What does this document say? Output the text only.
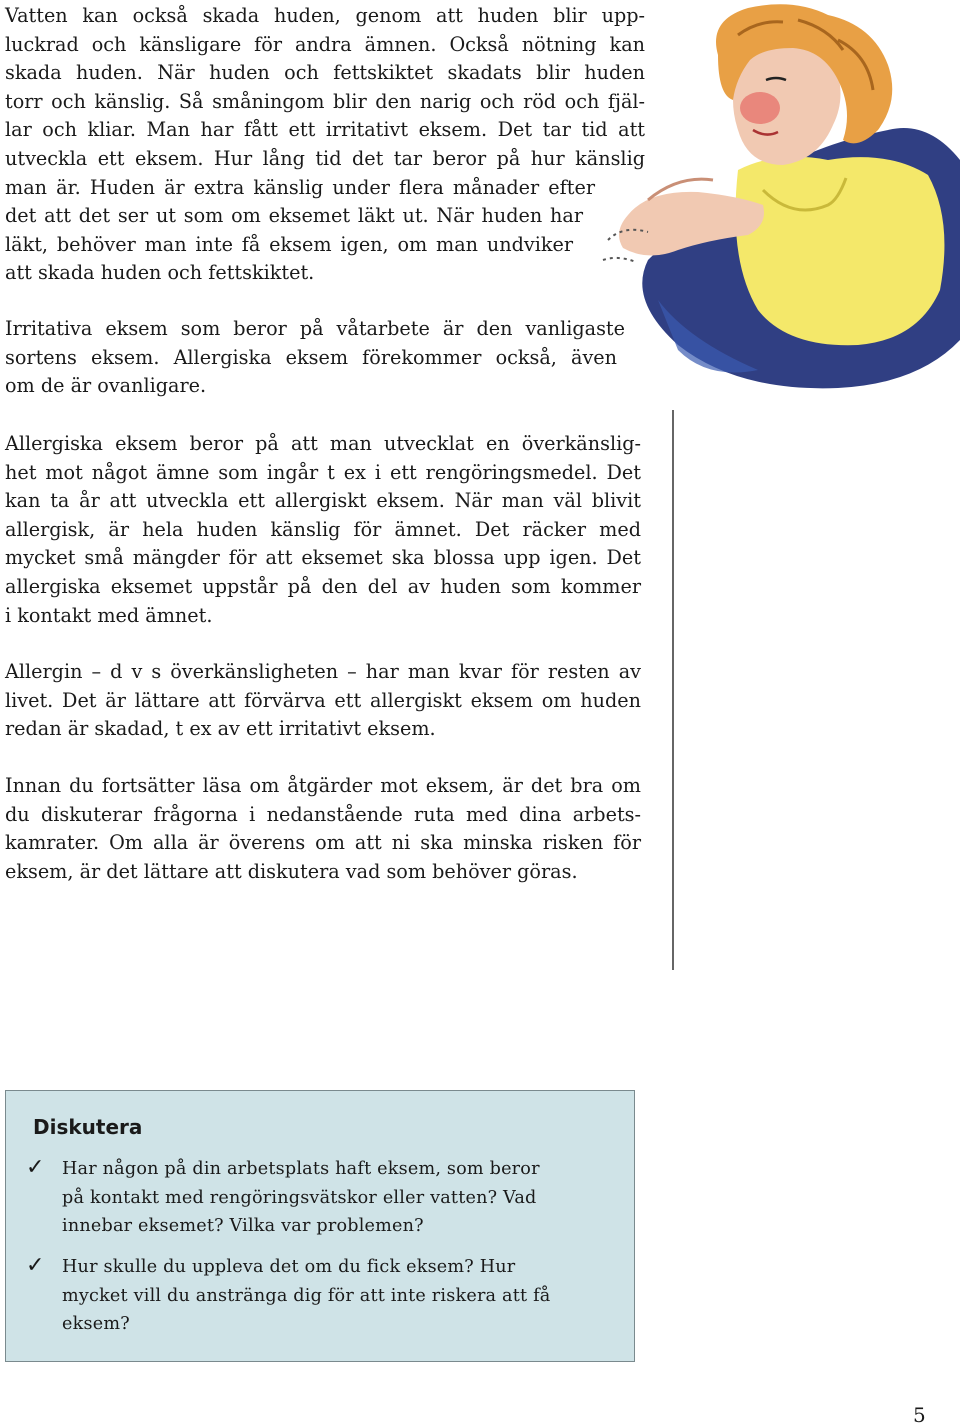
Vatten kan också skada huden, genom att huden blir upp-
luckrad och känsligare för andra ämnen. Också nötning kan
skada huden. När huden och fettskiktet skadats blir huden
torr och känslig. Så småningom blir den narig och röd och fjäl-
lar och kliar. Man har fått ett irritativt eksem. Det tar tid att
utveckla ett eksem. Hur lång tid det tar beror på hur känslig
man är. Huden är extra känslig under flera månader efter
det att det ser ut som om eksemet läkt ut. När huden har
läkt, behöver man inte få eksem igen, om man undviker
att skada huden och fettskiktet.
Irritativa eksem som beror på våtarbete är den vanligaste
sortens eksem. Allergiska eksem förekommer också, även
om de är ovanligare.
Allergiska eksem beror på att man utvecklat en överkänslig-
het mot något ämne som ingår t ex i ett rengöringsmedel. Det
kan ta år att utveckla ett allergiskt eksem. När man väl blivit
allergisk, är hela huden känslig för ämnet. Det räcker med
mycket små mängder för att eksemet ska blossa upp igen. Det
allergiska eksemet uppstår på den del av huden som kommer
i kontakt med ämnet.
Allergin – d v s överkänsligheten – har man kvar för resten av
livet. Det är lättare att förvärva ett allergiskt eksem om huden
redan är skadad, t ex av ett irritativt eksem.
Innan du fortsätter läsa om åtgärder mot eksem, är det bra om
du diskuterar frågorna i nedanstående ruta med dina arbets-
kamrater. Om alla är överens om att ni ska minska risken för
eksem, är det lättare att diskutera vad som behöver göras.
Diskutera
✓ Har någon på din arbetsplats haft eksem, som beror
på kontakt med rengöringsvätskor eller vatten? Vad
innebar eksemet? Vilka var problemen?

✓ Hur skulle du uppleva det om du fick eksem? Hur
mycket vill du anstränga dig för att inte riskera att få
eksem?

5
